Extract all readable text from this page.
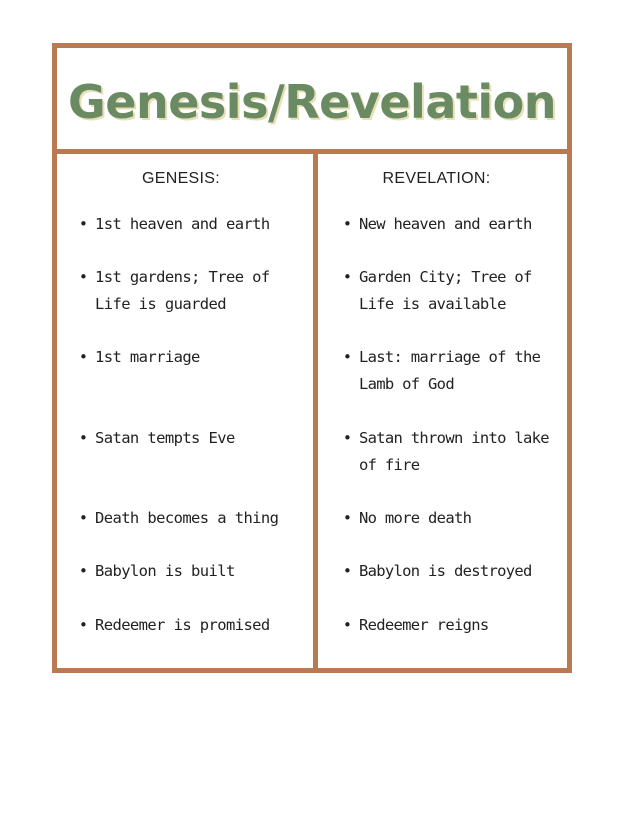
Genesis/Revelation
GENESIS:
• 1st heaven and earth
• 1st gardens; Tree of Life is guarded
• 1st marriage
• Satan tempts Eve
• Death becomes a thing
• Babylon is built
• Redeemer is promised
REVELATION:
• New heaven and earth
• Garden City; Tree of Life is available
• Last: marriage of the Lamb of God
• Satan thrown into lake of fire
• No more death
• Babylon is destroyed
• Redeemer reigns
